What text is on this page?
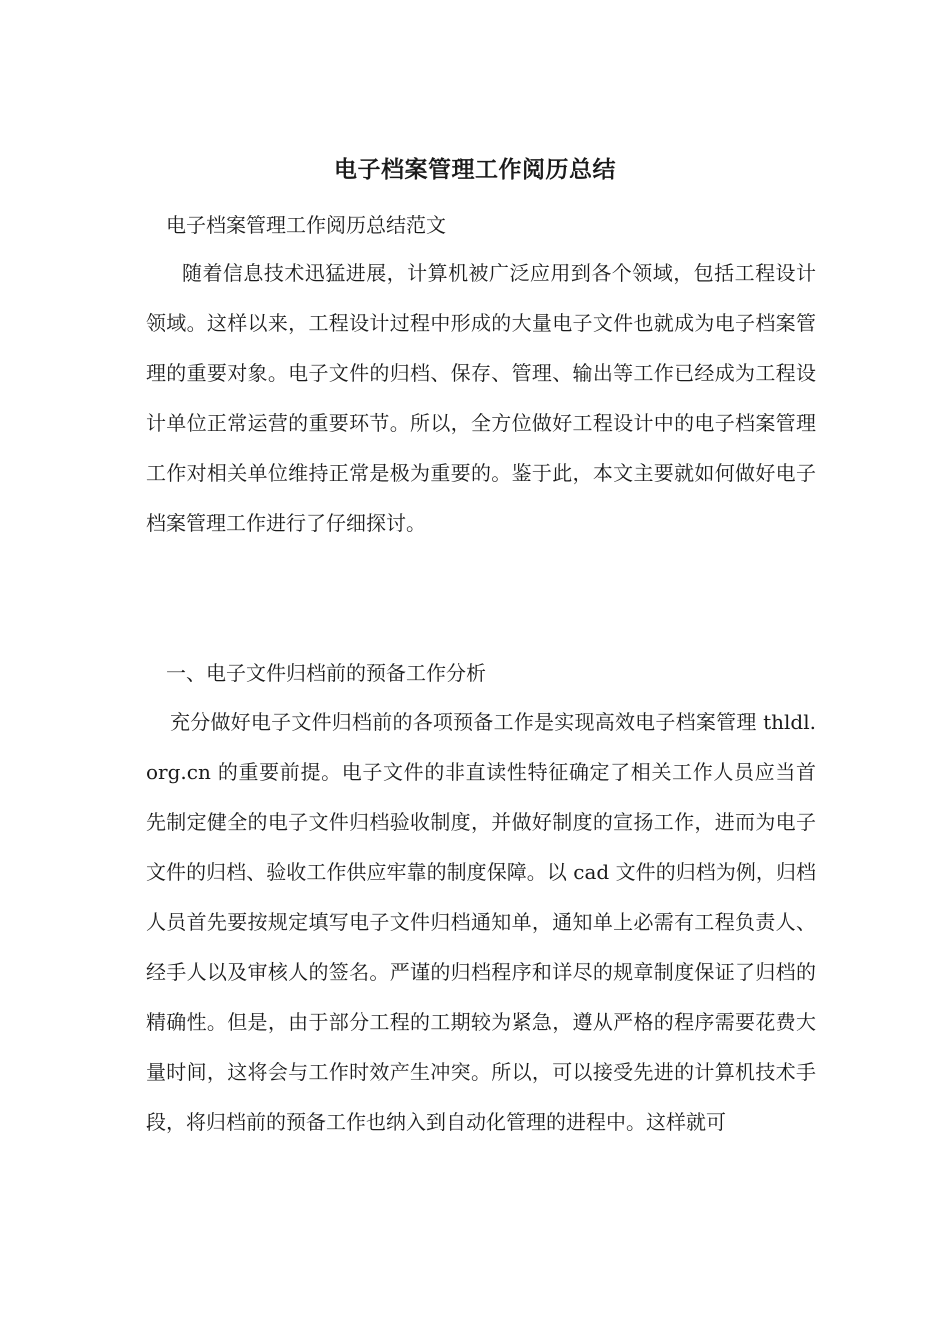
电子档案管理工作阅历总结
电子档案管理工作阅历总结范文
随着信息技术迅猛进展，计算机被广泛应用到各个领域，包括工程设计领域。这样以来，工程设计过程中形成的大量电子文件也就成为电子档案管理的重要对象。电子文件的归档、保存、管理、输出等工作已经成为工程设计单位正常运营的重要环节。所以，全方位做好工程设计中的电子档案管理工作对相关单位维持正常是极为重要的。鉴于此，本文主要就如何做好电子档案管理工作进行了仔细探讨。
一、电子文件归档前的预备工作分析
充分做好电子文件归档前的各项预备工作是实现高效电子档案管理 thldl.org.cn 的重要前提。电子文件的非直读性特征确定了相关工作人员应当首先制定健全的电子文件归档验收制度，并做好制度的宣扬工作，进而为电子文件的归档、验收工作供应牢靠的制度保障。以 cad 文件的归档为例，归档人员首先要按规定填写电子文件归档通知单，通知单上必需有工程负责人、经手人以及审核人的签名。严谨的归档程序和详尽的规章制度保证了归档的精确性。但是，由于部分工程的工期较为紧急，遵从严格的程序需要花费大量时间，这将会与工作时效产生冲突。所以，可以接受先进的计算机技术手段，将归档前的预备工作也纳入到自动化管理的进程中。这样就可
